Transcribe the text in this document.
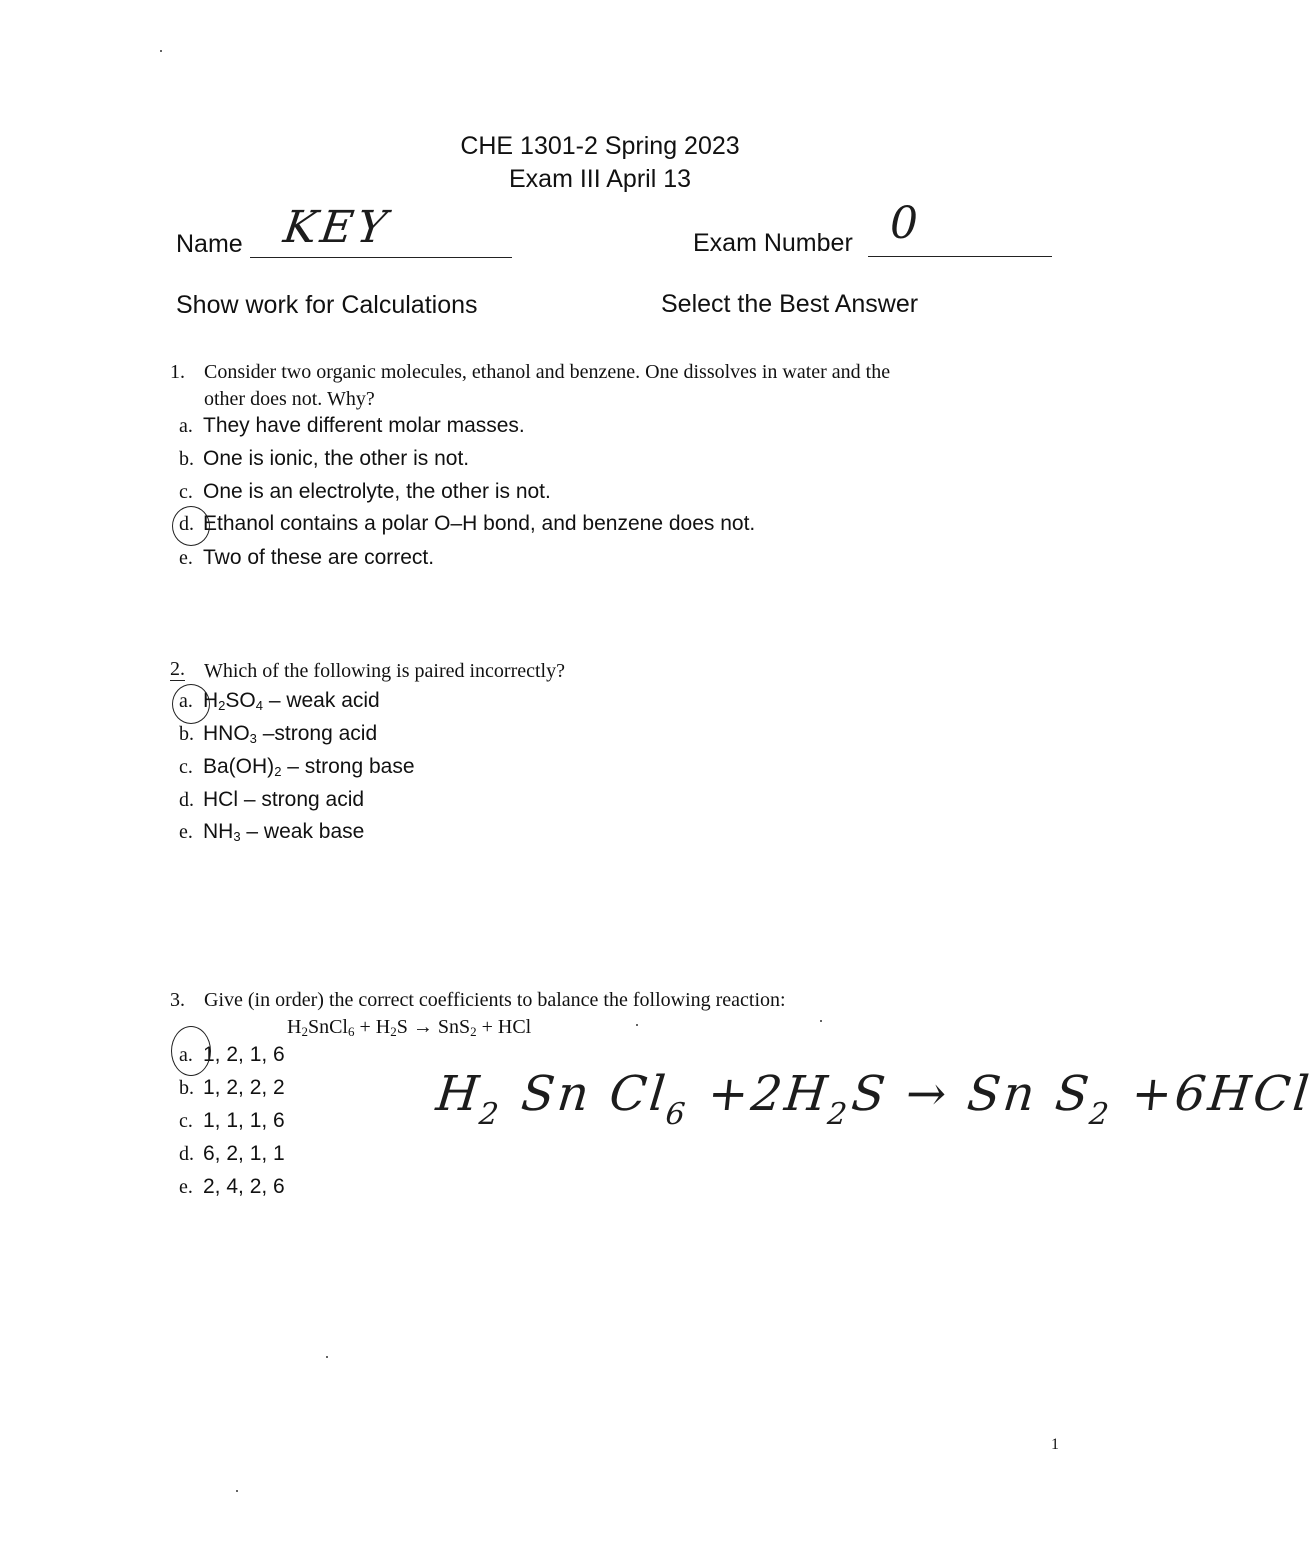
CHE 1301-2 Spring 2023
Exam III April 13
Name KEY	Exam Number 0
Show work for Calculations	Select the Best Answer
1. Consider two organic molecules, ethanol and benzene. One dissolves in water and the
other does not. Why?
a. They have different molar masses.
b. One is ionic, the other is not.
c. One is an electrolyte, the other is not.
d. Ethanol contains a polar O–H bond, and benzene does not.
e. Two of these are correct.
2. Which of the following is paired incorrectly?
a. $H_2SO_4$ – weak acid
b. $HNO_3$ –strong acid
c. $Ba(OH)_2$ – strong base
d. HCl – strong acid
e. $NH_3$ – weak base
3. Give (in order) the correct coefficients to balance the following reaction:
$H_2SnCl_6 + H_2S \to SnS_2$ + HCl
a. 1, 2, 1, 6
b. 1, 2, 2, 2
c. 1, 1, 1, 6
d. 6, 2, 1, 1
e. 2, 4, 2, 6
$H_2$ Sn $Cl_6 +2H_2S \to Sn$ $S_2 +6HCl$
1
